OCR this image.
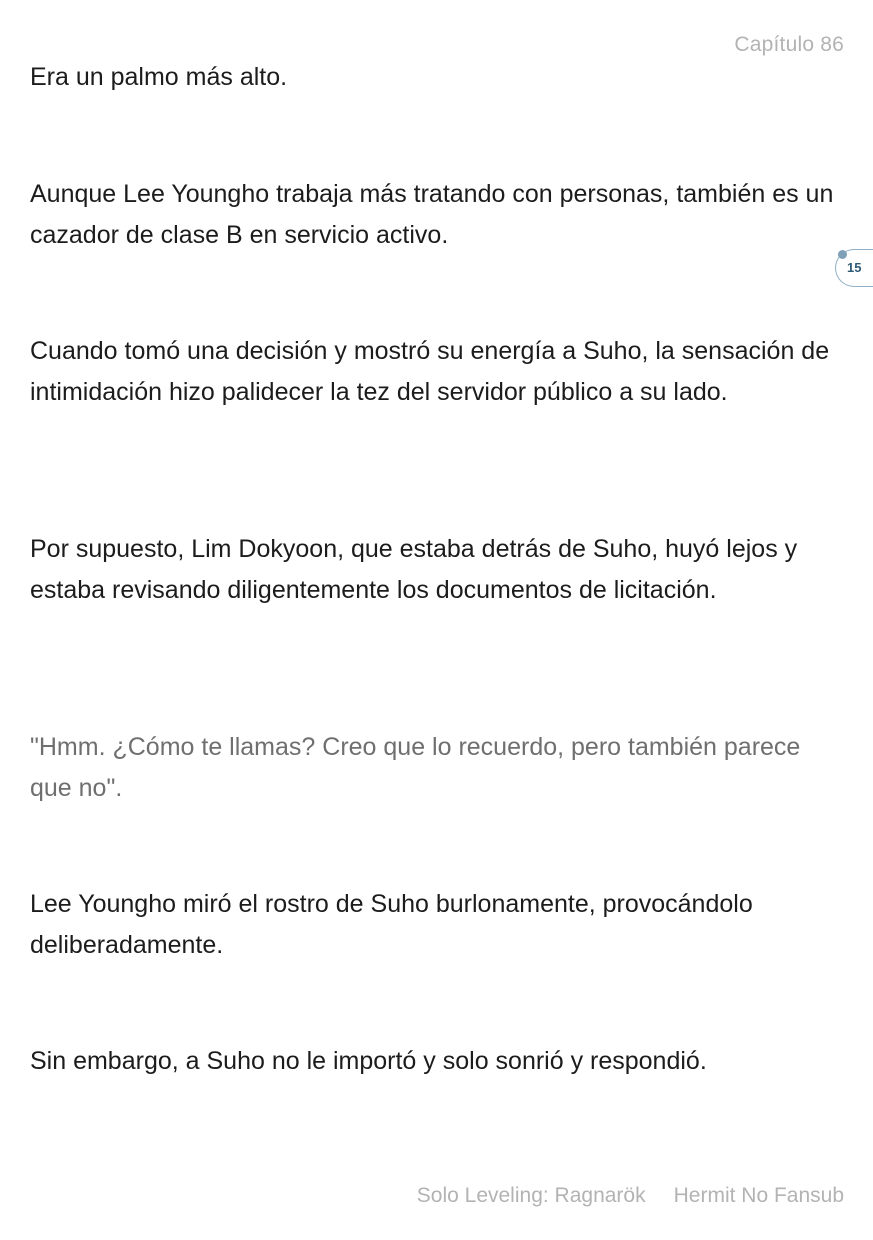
Capítulo 86

Era un palmo más alto.

Aunque Lee Youngho trabaja más tratando con personas, también es un cazador de clase B en servicio activo.

Cuando tomó una decisión y mostró su energía a Suho, la sensación de intimidación hizo palidecer la tez del servidor público a su lado.

Por supuesto, Lim Dokyoon, que estaba detrás de Suho, huyó lejos y estaba revisando diligentemente los documentos de licitación.

"Hmm. ¿Cómo te llamas? Creo que lo recuerdo, pero también parece que no".

Lee Youngho miró el rostro de Suho burlonamente, provocándolo deliberadamente.

Sin embargo, a Suho no le importó y solo sonrió y respondió.

15
Solo Leveling: Ragnarök Hermit No Fansub
